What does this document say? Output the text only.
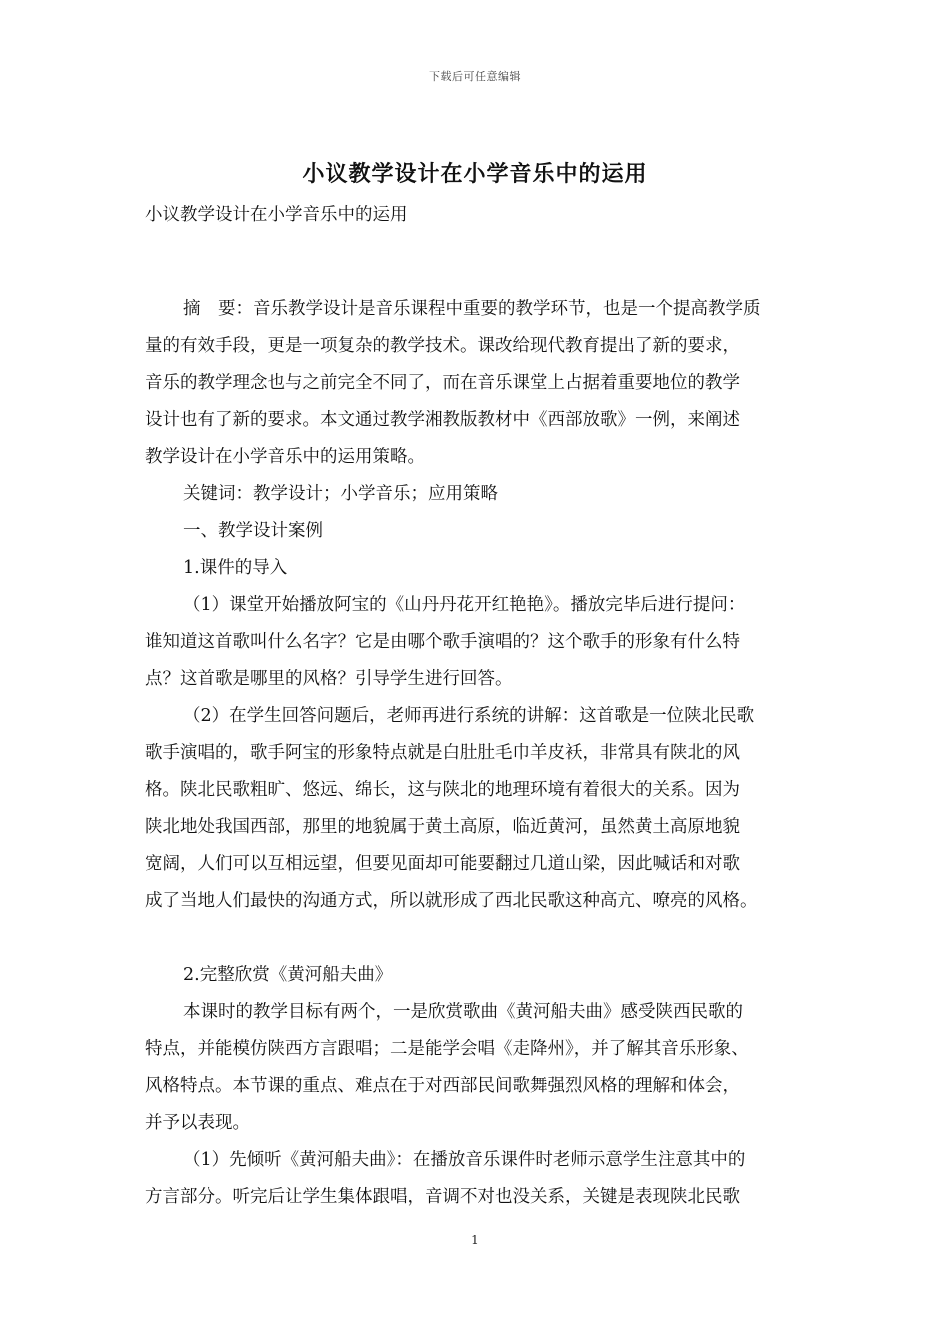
下载后可任意编辑
小议教学设计在小学音乐中的运用
小议教学设计在小学音乐中的运用
摘　要：音乐教学设计是音乐课程中重要的教学环节，也是一个提高教学质
量的有效手段，更是一项复杂的教学技术。课改给现代教育提出了新的要求，
音乐的教学理念也与之前完全不同了，而在音乐课堂上占据着重要地位的教学
设计也有了新的要求。本文通过教学湘教版教材中《西部放歌》一例，来阐述
教学设计在小学音乐中的运用策略。
关键词：教学设计；小学音乐；应用策略
一、教学设计案例
1.课件的导入
（1）课堂开始播放阿宝的《山丹丹花开红艳艳》。播放完毕后进行提问：
谁知道这首歌叫什么名字？它是由哪个歌手演唱的？这个歌手的形象有什么特
点？这首歌是哪里的风格？引导学生进行回答。
（2）在学生回答问题后，老师再进行系统的讲解：这首歌是一位陕北民歌
歌手演唱的，歌手阿宝的形象特点就是白肚肚毛巾羊皮袄，非常具有陕北的风
格。陕北民歌粗旷、悠远、绵长，这与陕北的地理环境有着很大的关系。因为
陕北地处我国西部，那里的地貌属于黄土高原，临近黄河，虽然黄土高原地貌
宽阔，人们可以互相远望，但要见面却可能要翻过几道山梁，因此喊话和对歌
成了当地人们最快的沟通方式，所以就形成了西北民歌这种高亢、嘹亮的风格。
2.完整欣赏《黄河船夫曲》
本课时的教学目标有两个，一是欣赏歌曲《黄河船夫曲》感受陕西民歌的
特点，并能模仿陕西方言跟唱；二是能学会唱《走降州》，并了解其音乐形象、
风格特点。本节课的重点、难点在于对西部民间歌舞强烈风格的理解和体会，
并予以表现。
（1）先倾听《黄河船夫曲》：在播放音乐课件时老师示意学生注意其中的
方言部分。听完后让学生集体跟唱，音调不对也没关系，关键是表现陕北民歌
1
